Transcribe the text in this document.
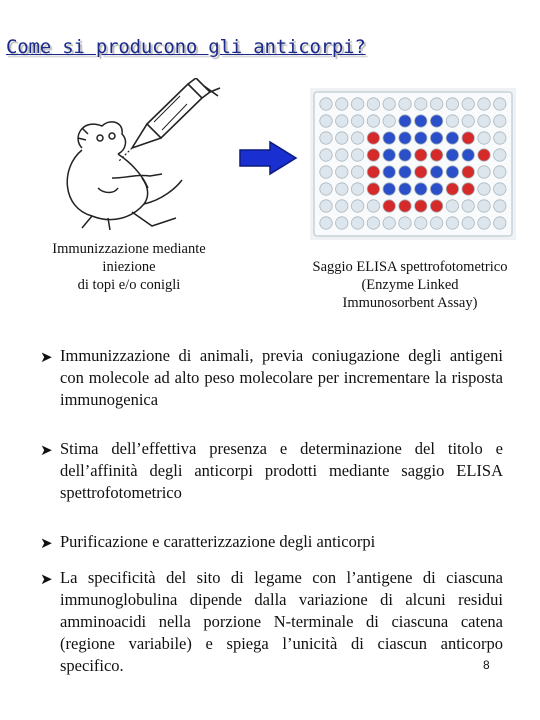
Come si producono gli anticorpi?
Immunizzazione mediante
iniezione
di topi e/o conigli
Saggio ELISA spettrofotometrico
(Enzyme Linked
Immunosorbent Assay)
➤ Immunizzazione di animali, previa coniugazione degli antigeni con molecole ad alto peso molecolare per incrementare la risposta immunogenica
➤ Stima dell’effettiva presenza e determinazione del titolo e dell’affinità degli anticorpi prodotti mediante saggio ELISA spettrofotometrico
➤ Purificazione e caratterizzazione degli anticorpi
➤ La specificità del sito di legame con l’antigene di ciascuna immunoglobulina dipende dalla variazione di alcuni residui amminoacidi nella porzione N-terminale di ciascuna catena (regione variabile) e spiega l’unicità di ciascun anticorpo specifico.	8
